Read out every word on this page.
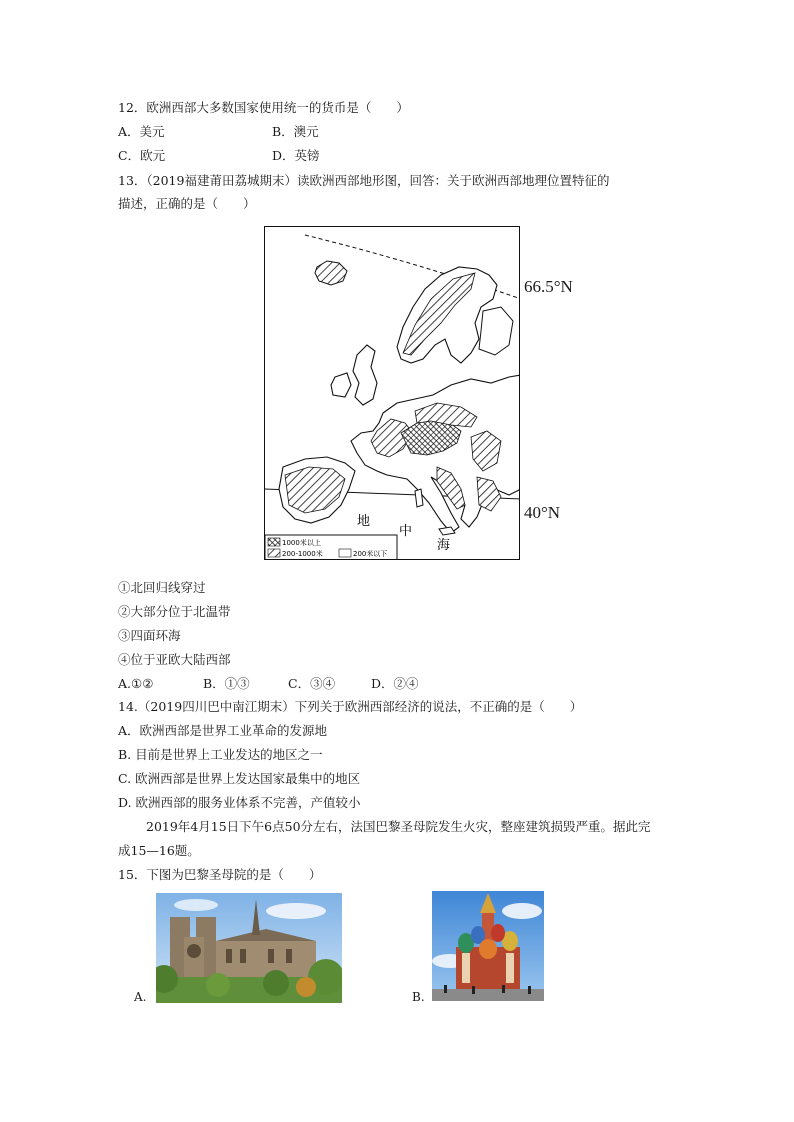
12．欧洲西部大多数国家使用统一的货币是（　　）
A．美元	B．澳元
C．欧元	D．英镑
13．（2019福建莆田荔城期末）读欧洲西部地形图，回答：关于欧洲西部地理位置特征的
描述，正确的是（　　）
1000米以上
200-1000米	200米以下
地
中
海
66.5°N
40°N
①北回归线穿过
②大部分位于北温带
③四面环海
④位于亚欧大陆西部
A.①②	B．①③	C．③④	D．②④
14.（2019四川巴中南江期末）下列关于欧洲西部经济的说法，不正确的是（　　）
A．欧洲西部是世界工业革命的发源地
B. 目前是世界上工业发达的地区之一
C. 欧洲西部是世界上发达国家最集中的地区
D. 欧洲西部的服务业体系不完善，产值较小
2019年4月15日下午6点50分左右，法国巴黎圣母院发生火灾，整座建筑损毁严重。据此完
成15—16题。
15．下图为巴黎圣母院的是（　　）
A.	B.
